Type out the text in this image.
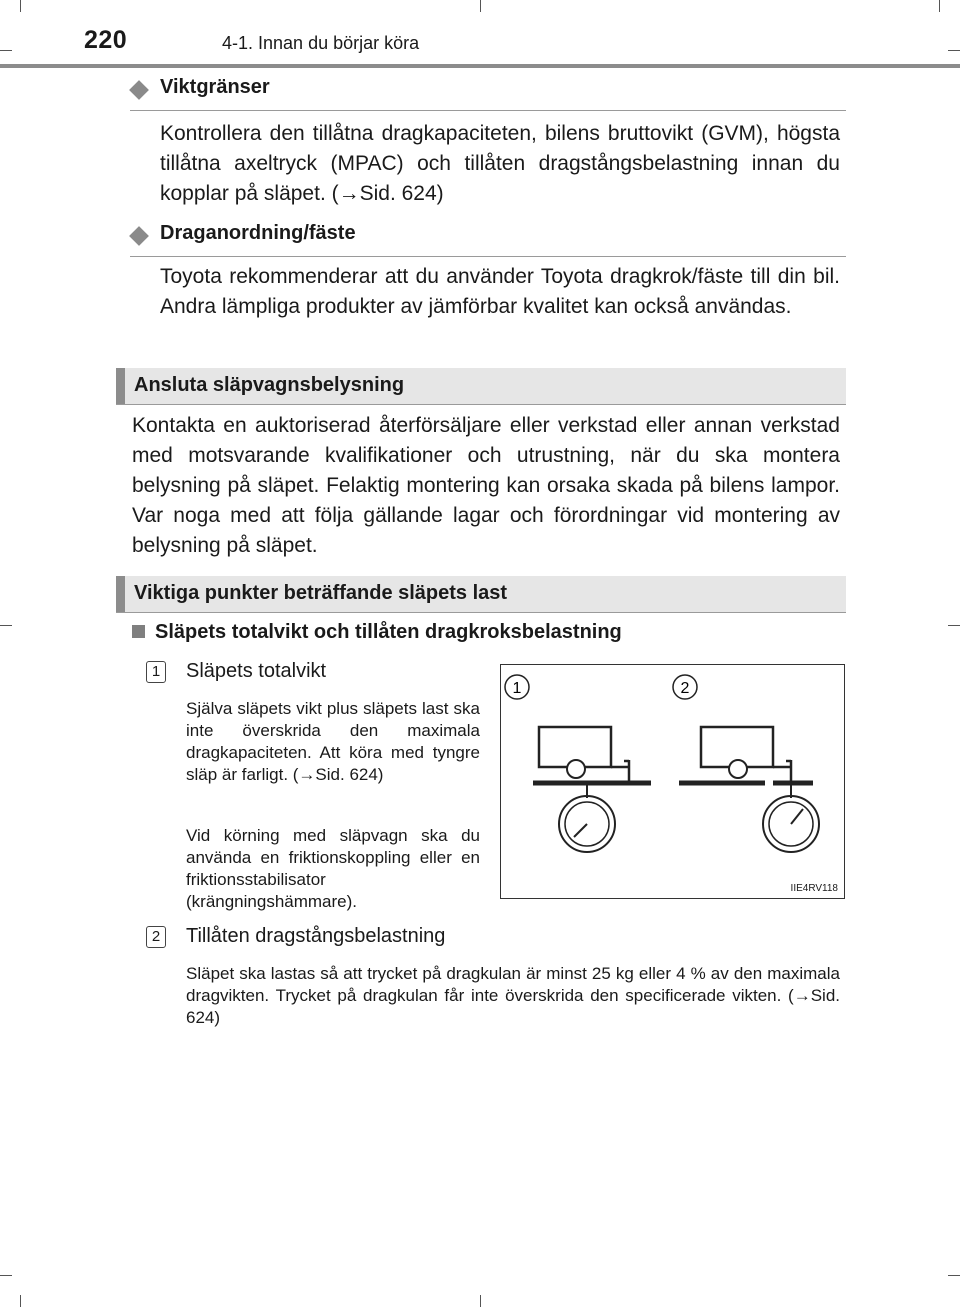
220	4-1. Innan du börjar köra
Viktgränser
Kontrollera den tillåtna dragkapaciteten, bilens bruttovikt (GVM), högsta tillåtna axeltryck (MPAC) och tillåten dragstångsbelastning innan du kopplar på släpet. (→Sid. 624)
Draganordning/fäste
Toyota rekommenderar att du använder Toyota dragkrok/fäste till din bil. Andra lämpliga produkter av jämförbar kvalitet kan också användas.
Ansluta släpvagnsbelysning
Kontakta en auktoriserad återförsäljare eller verkstad eller annan verkstad med motsvarande kvalifikationer och utrustning, när du ska montera belysning på släpet. Felaktig montering kan orsaka skada på bilens lampor. Var noga med att följa gällande lagar och förordningar vid montering av belysning på släpet.
Viktiga punkter beträffande släpets last
Släpets totalvikt och tillåten dragkroksbelastning
1 Släpets totalvikt
Själva släpets vikt plus släpets last ska inte överskrida den maximala dragkapaciteten. Att köra med tyngre släp är farligt. (→Sid. 624)
Vid körning med släpvagn ska du använda en friktionskoppling eller en friktionsstabilisator (krängningshämmare).
1	2
IIE4RV118
2 Tillåten dragstångsbelastning
Släpet ska lastas så att trycket på dragkulan är minst 25 kg eller 4 % av den maximala dragvikten. Trycket på dragkulan får inte överskrida den specificerade vikten. (→Sid. 624)
